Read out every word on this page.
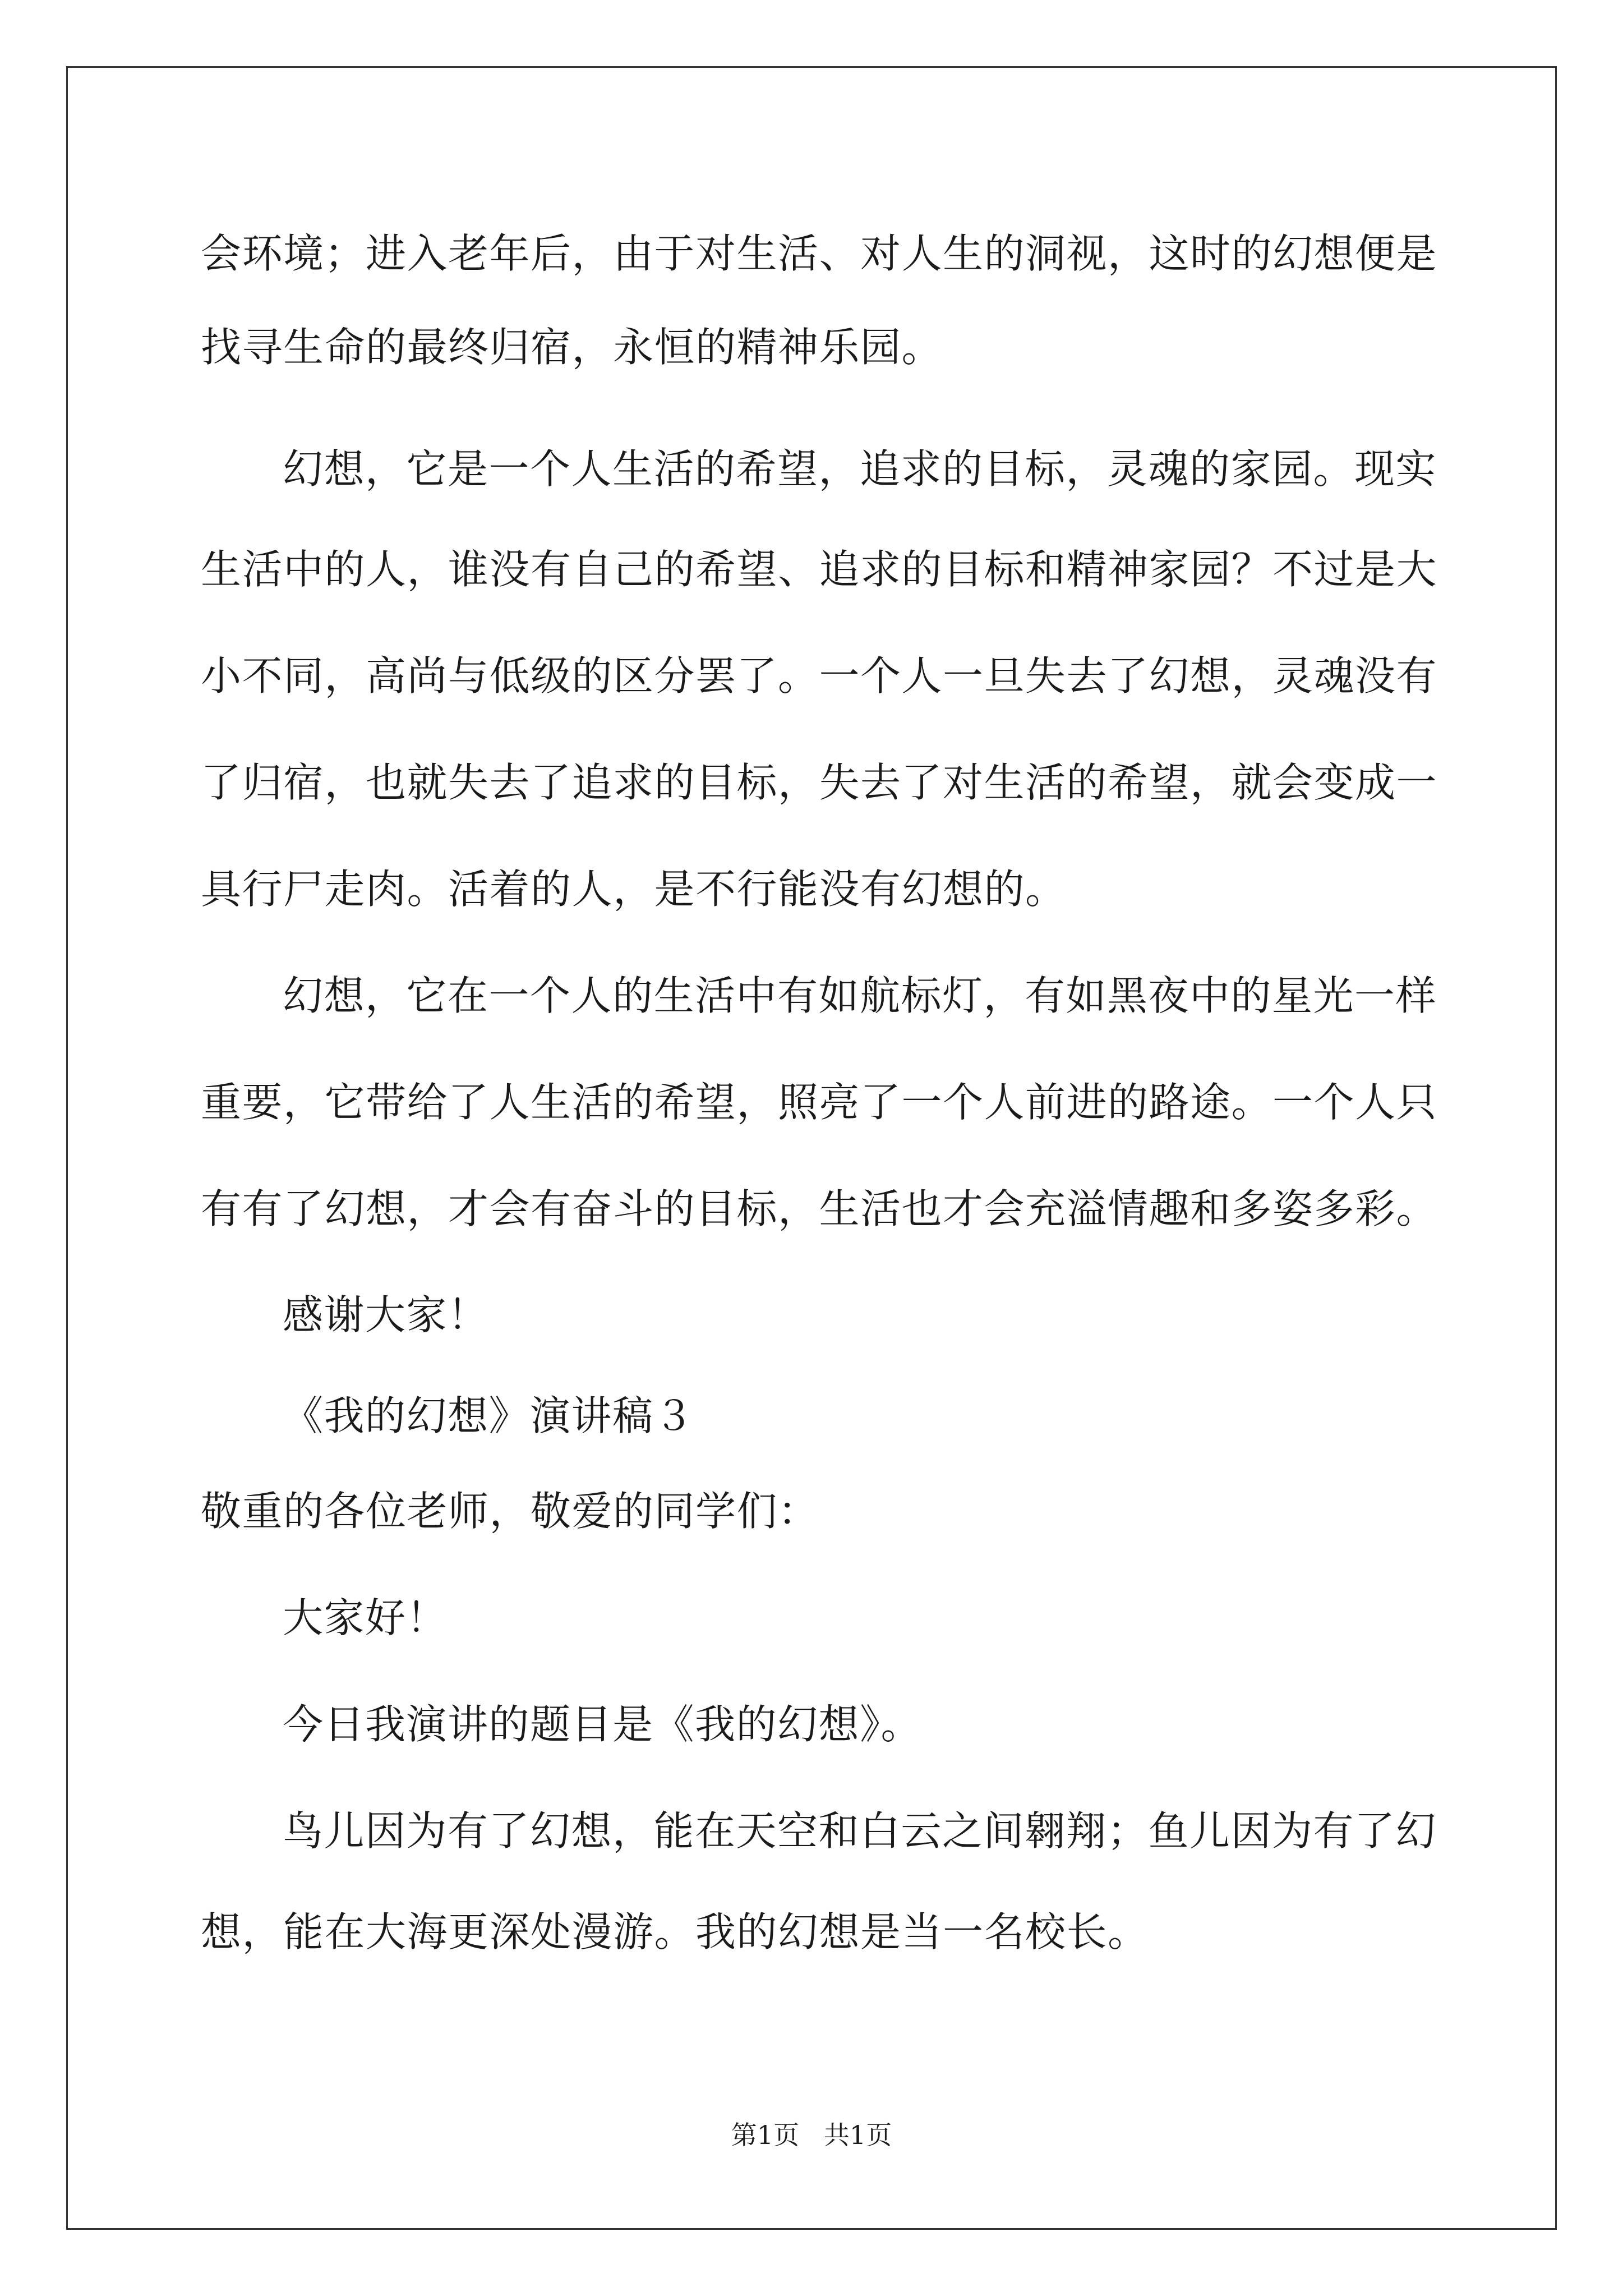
会环境；进入老年后，由于对生活、对人生的洞视，这时的幻想便是
找寻生命的最终归宿，永恒的精神乐园。
幻想，它是一个人生活的希望，追求的目标，灵魂的家园。现实
生活中的人，谁没有自己的希望、追求的目标和精神家园？不过是大
小不同，高尚与低级的区分罢了。一个人一旦失去了幻想，灵魂没有
了归宿，也就失去了追求的目标，失去了对生活的希望，就会变成一
具行尸走肉。活着的人，是不行能没有幻想的。
幻想，它在一个人的生活中有如航标灯，有如黑夜中的星光一样
重要，它带给了人生活的希望，照亮了一个人前进的路途。一个人只
有有了幻想，才会有奋斗的目标，生活也才会充溢情趣和多姿多彩。
感谢大家！
《我的幻想》演讲稿３
敬重的各位老师，敬爱的同学们：
大家好！
今日我演讲的题目是《我的幻想》。
鸟儿因为有了幻想，能在天空和白云之间翱翔；鱼儿因为有了幻
想，能在大海更深处漫游。我的幻想是当一名校长。
第1页   共1页
